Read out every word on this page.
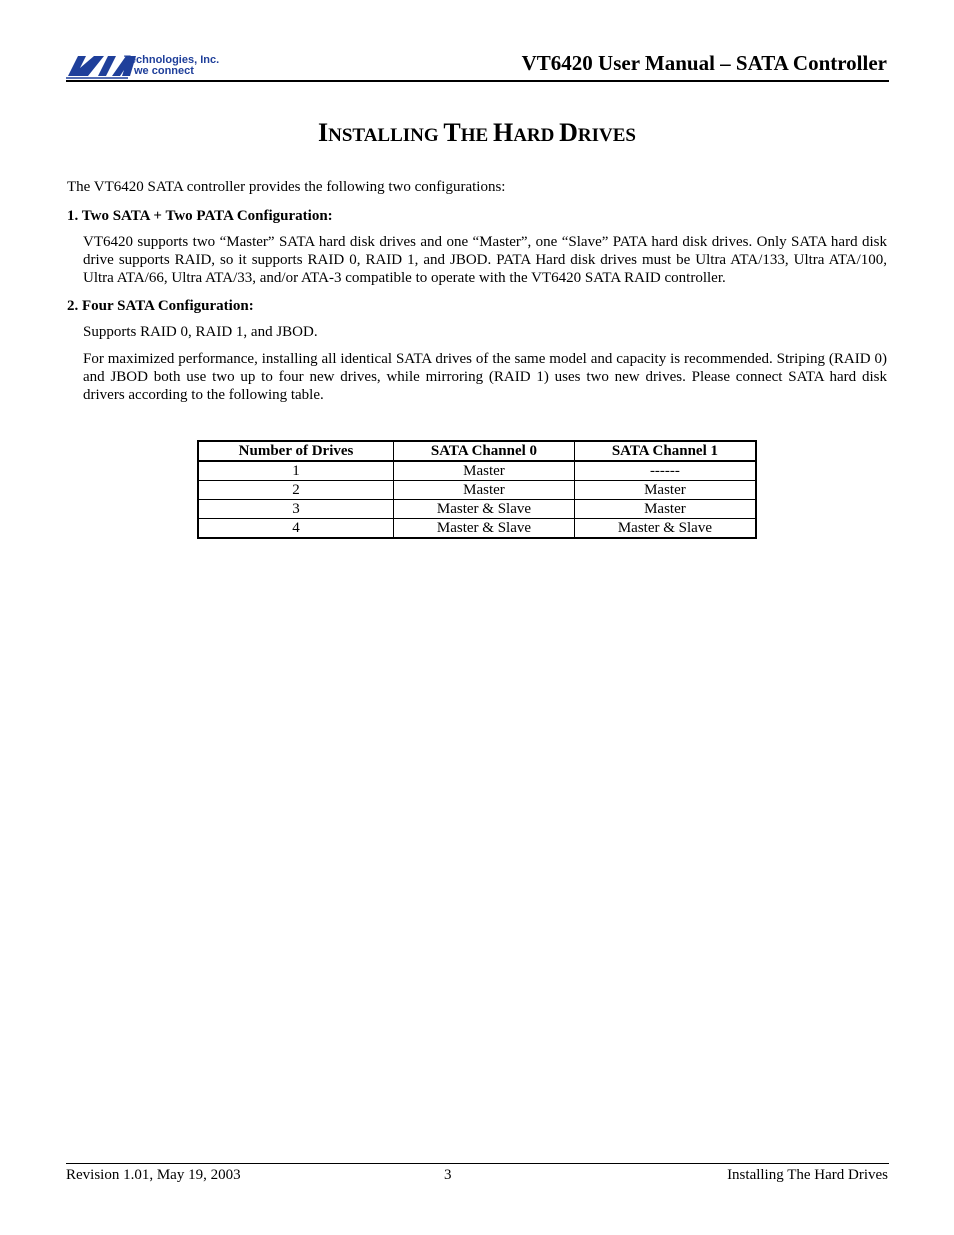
Technologies, Inc.
we connect	VT6420 User Manual – SATA Controller
INSTALLING THE HARD DRIVES
The VT6420 SATA controller provides the following two configurations:
1. Two SATA + Two PATA Configuration:
VT6420 supports two “Master” SATA hard disk drives and one “Master”, one “Slave” PATA hard disk drives. Only SATA hard disk drive supports RAID, so it supports RAID 0, RAID 1, and JBOD. PATA Hard disk drives must be Ultra ATA/133, Ultra ATA/100, Ultra ATA/66, Ultra ATA/33, and/or ATA-3 compatible to operate with the VT6420 SATA RAID controller.
2. Four SATA Configuration:
Supports RAID 0, RAID 1, and JBOD.
For maximized performance, installing all identical SATA drives of the same model and capacity is recommended. Striping (RAID 0) and JBOD both use two up to four new drives, while mirroring (RAID 1) uses two new drives. Please connect SATA hard disk drivers according to the following table.
Number of Drives	SATA Channel 0	SATA Channel 1
1	Master	------
2	Master	Master
3	Master & Slave	Master
4	Master & Slave	Master & Slave
Revision 1.01, May 19, 2003	3	Installing The Hard Drives
